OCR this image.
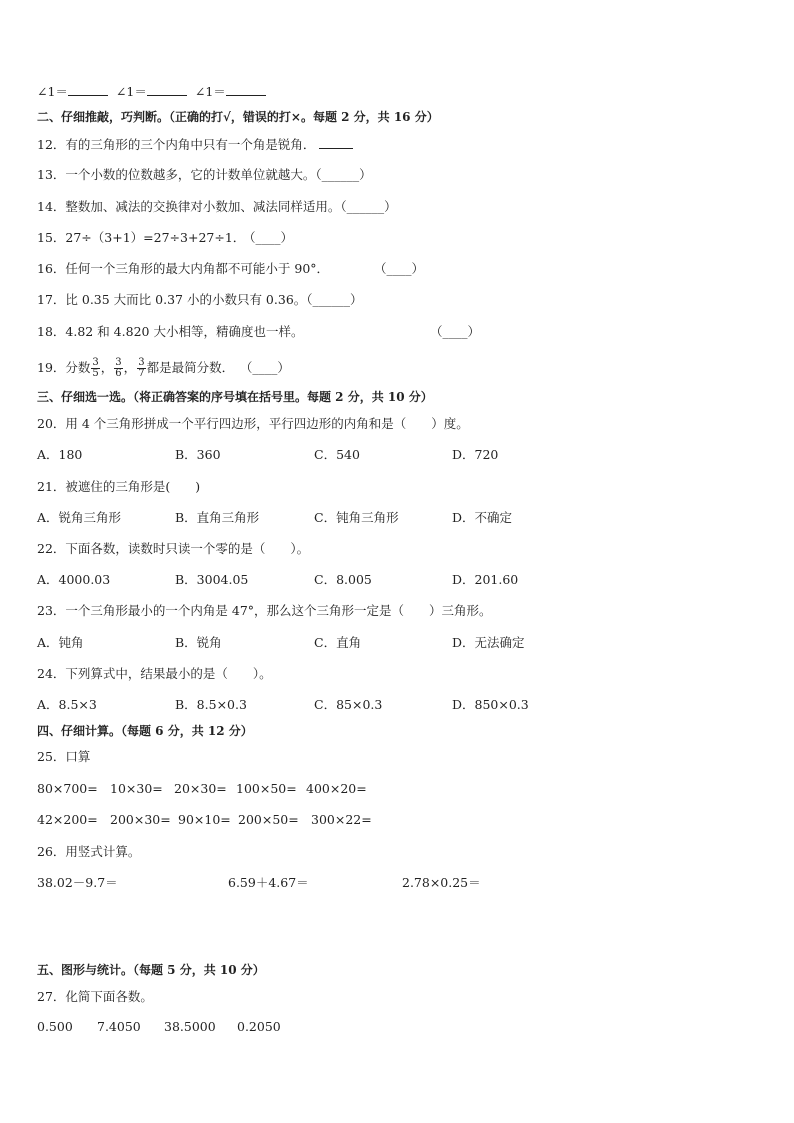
∠1＝	∠1＝	∠1＝
二、仔细推敲，巧判断。（正确的打√，错误的打×。每题 2 分，共 16 分）
12．有的三角形的三个内角中只有一个角是锐角．
13．一个小数的位数越多，它的计数单位就越大。（______）
14．整数加、减法的交换律对小数加、减法同样适用。（______）
15．27÷（3+1）=27÷3+27÷1．
（____）
16．任何一个三角形的最大内角都不可能小于 90°．	（____）
17．比 0.35 大而比 0.37 小的小数只有 0.36。（______）
18．4.82 和 4.820 大小相等，精确度也一样。	（____）
19．分数 $\frac{3}{5}$ ， $\frac{3}{6}$ ， $\frac{3}{7}$ 都是最简分数． （____）
三、仔细选一选。（将正确答案的序号填在括号里。每题 2 分，共 10 分）
20．用 4 个三角形拼成一个平行四边形，平行四边形的内角和是（　　）度。
A．180	B．360	C．540	D．720
21．被遮住的三角形是(　　)
A．锐角三角形	B．直角三角形	C．钝角三角形	D．不确定
22．下面各数，读数时只读一个零的是（　　）。
A．4000.03	B．3004.05	C．8.005	D．201.60
23．一个三角形最小的一个内角是 47°，那么这个三角形一定是（　　）三角形。
A．钝角	B．锐角	C．直角	D．无法确定
24．下列算式中，结果最小的是（　　）。
A．8.5×3	B．8.5×0.3	C．85×0.3	D．850×0.3
四、仔细计算。（每题 6 分，共 12 分）
25．口算
80×700= 10×30= 20×30= 100×50= 400×20=
42×200= 200×30= 90×10= 200×50= 300×22=
26．用竖式计算。
38.02－9.7＝	6.59＋4.67＝	2.78×0.25＝
五、图形与统计。（每题 5 分，共 10 分）
27．化简下面各数。
0.500 7.4050 38.5000 0.2050
